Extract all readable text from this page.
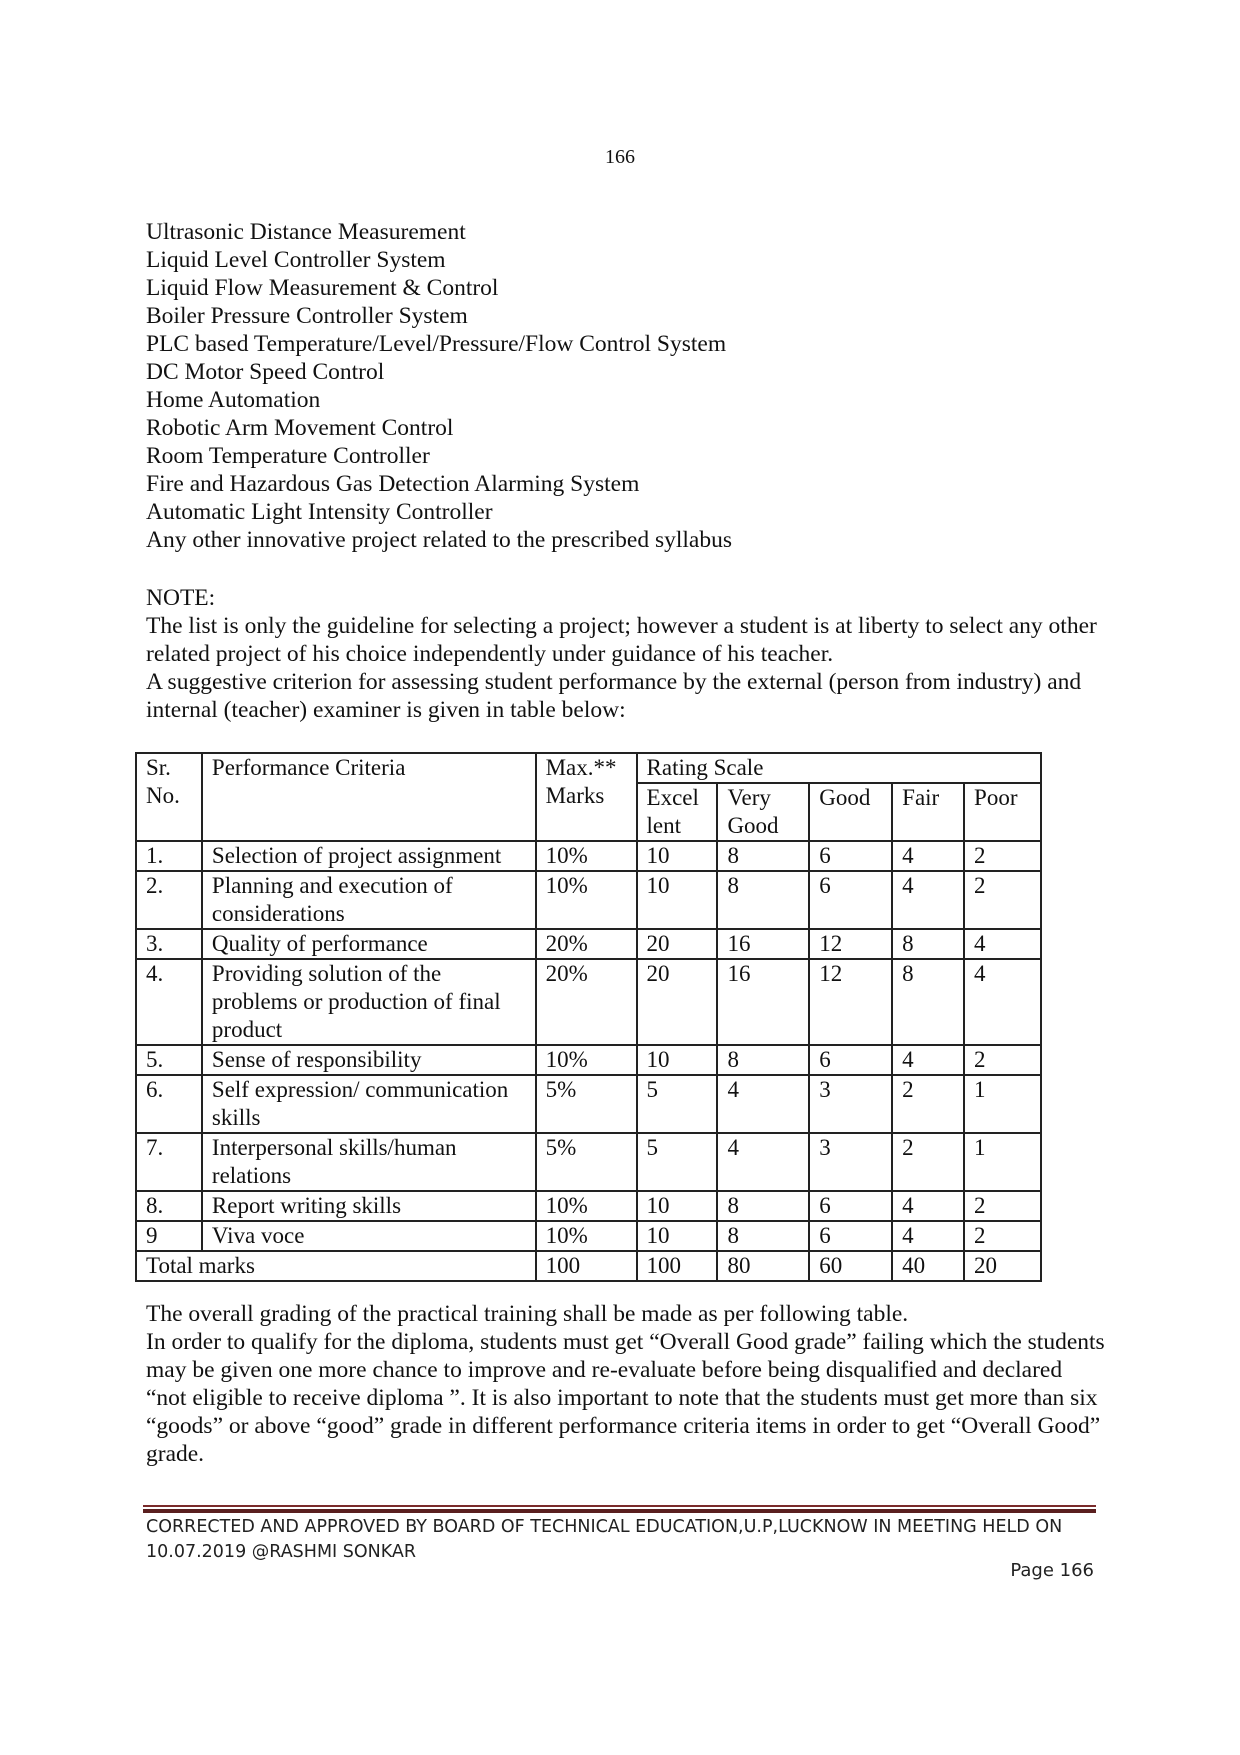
166
Ultrasonic Distance Measurement
Liquid Level Controller System
Liquid Flow Measurement & Control
Boiler Pressure Controller System
PLC based Temperature/Level/Pressure/Flow Control System
DC Motor Speed Control
Home Automation
Robotic Arm Movement Control
Room Temperature Controller
Fire and Hazardous Gas Detection Alarming System
Automatic Light Intensity Controller
Any other innovative project related to the prescribed syllabus

NOTE:

The list is only the guideline for selecting a project; however a student is at liberty to select any other related project of his choice independently under guidance of his teacher.

A suggestive criterion for assessing student performance by the external (person from industry) and internal (teacher) examiner is given in table below:

Sr. No.	Performance Criteria	Max.** Marks	Rating Scale				
			Excel lent	Very Good	Good	Fair	Poor
1.	Selection of project assignment	10%	10	8	6	4	2
2.	Planning and execution of considerations	10%	10	8	6	4	2
3.	Quality of performance	20%	20	16	12	8	4
4.	Providing solution of the problems or production of final product	20%	20	16	12	8	4
5.	Sense of responsibility	10%	10	8	6	4	2
6.	Self expression/ communication skills	5%	5	4	3	2	1
7.	Interpersonal skills/human relations	5%	5	4	3	2	1
8.	Report writing skills	10%	10	8	6	4	2
9	Viva voce	10%	10	8	6	4	2
Total marks		100	100	80	60	40	20

The overall grading of the practical training shall be made as per following table.

In order to qualify for the diploma, students must get “Overall Good grade” failing which the students may be given one more chance to improve and re-evaluate before being disqualified and declared “not eligible to receive diploma ”. It is also important to note that the students must get more than six “goods” or above “good” grade in different performance criteria items in order to get “Overall Good” grade.

CORRECTED AND APPROVED BY BOARD OF TECHNICAL EDUCATION,U.P,LUCKNOW IN MEETING HELD ON 10.07.2019 @RASHMI SONKAR
Page 166
